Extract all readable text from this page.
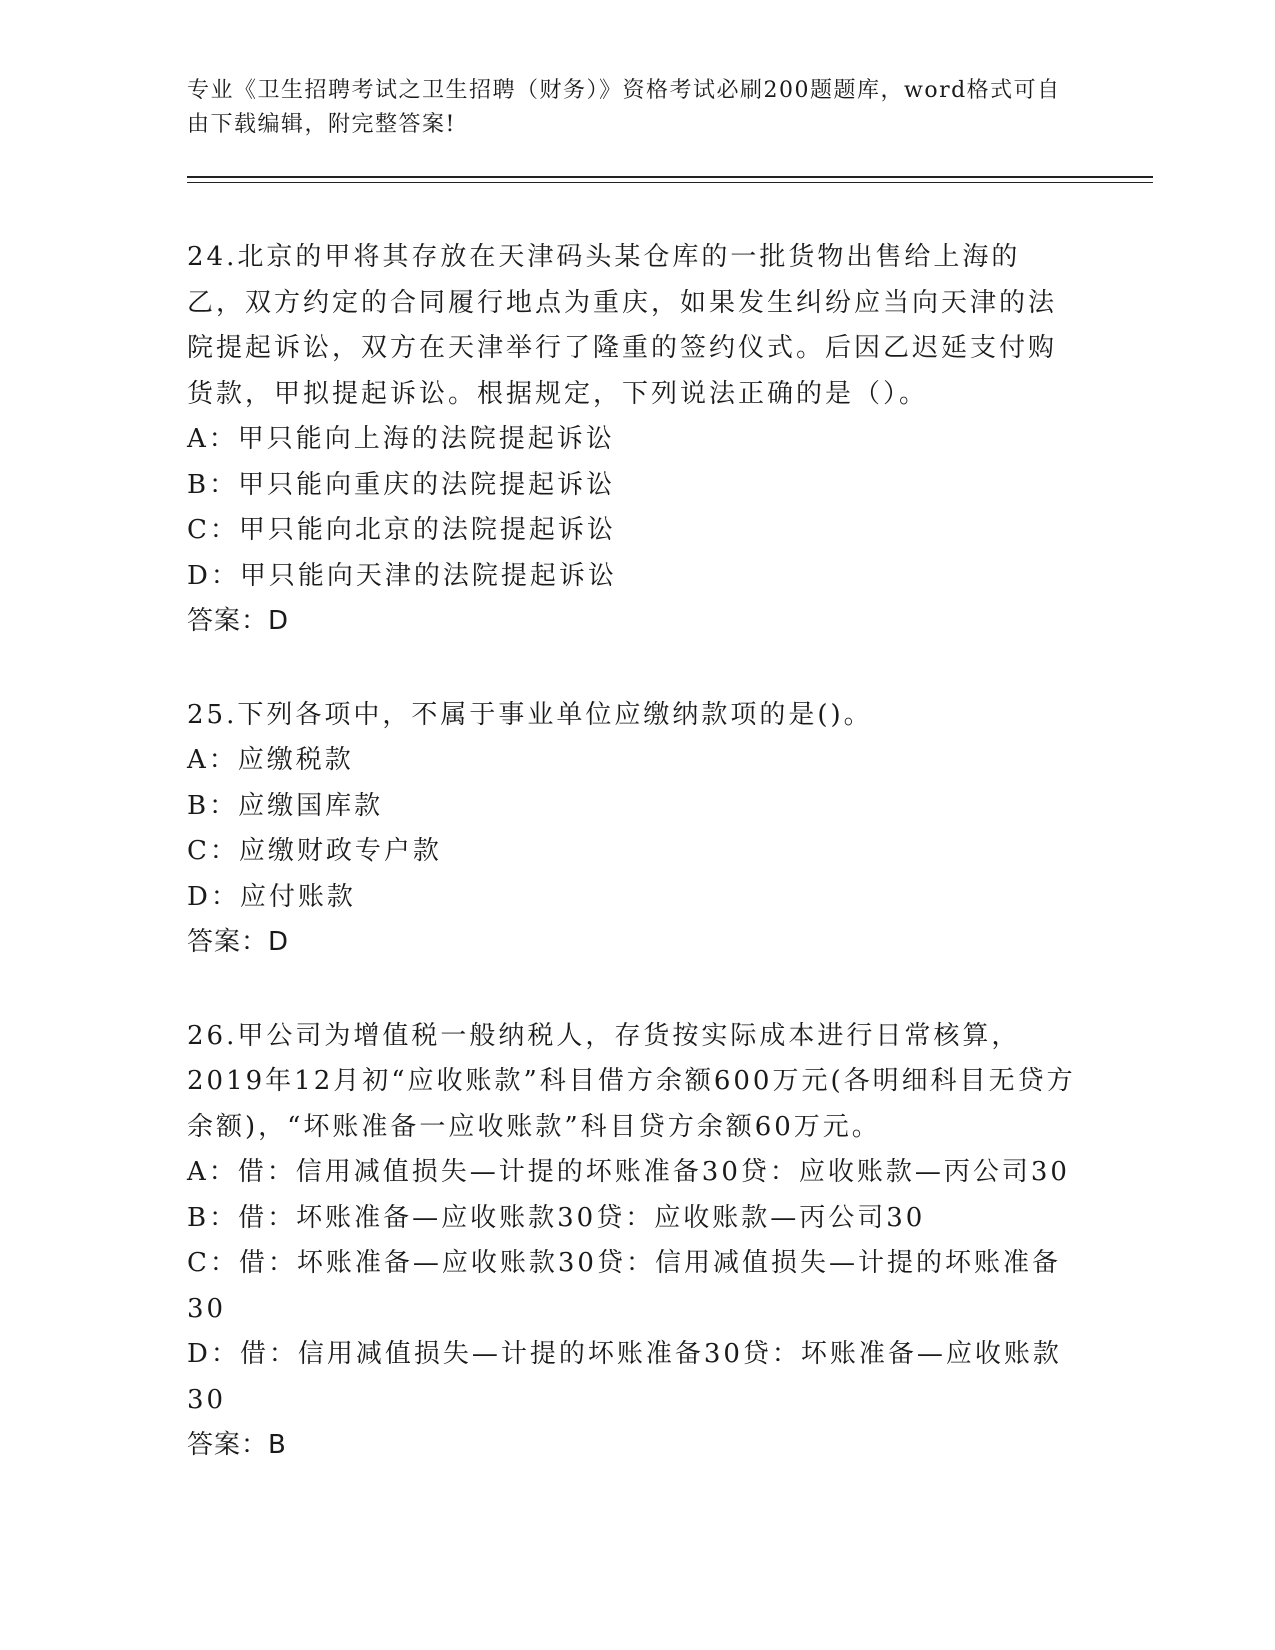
专业《卫生招聘考试之卫生招聘（财务）》资格考试必刷200题题库，word格式可自由下载编辑，附完整答案!
24.北京的甲将其存放在天津码头某仓库的一批货物出售给上海的乙，双方约定的合同履行地点为重庆，如果发生纠纷应当向天津的法院提起诉讼，双方在天津举行了隆重的签约仪式。后因乙迟延支付购货款，甲拟提起诉讼。根据规定，下列说法正确的是（）。
A：甲只能向上海的法院提起诉讼
B：甲只能向重庆的法院提起诉讼
C：甲只能向北京的法院提起诉讼
D：甲只能向天津的法院提起诉讼
答案：D
25.下列各项中，不属于事业单位应缴纳款项的是()。
A：应缴税款
B：应缴国库款
C：应缴财政专户款
D：应付账款
答案：D
26.甲公司为增值税一般纳税人，存货按实际成本进行日常核算，2019年12月初“应收账款”科目借方余额600万元(各明细科目无贷方余额)，“坏账准备一应收账款”科目贷方余额60万元。
A：借：信用减值损失—计提的坏账准备30贷：应收账款—丙公司30
B：借：坏账准备—应收账款30贷：应收账款—丙公司30
C：借：坏账准备—应收账款30贷：信用减值损失—计提的坏账准备30
D：借：信用减值损失—计提的坏账准备30贷：坏账准备—应收账款30
答案：B
